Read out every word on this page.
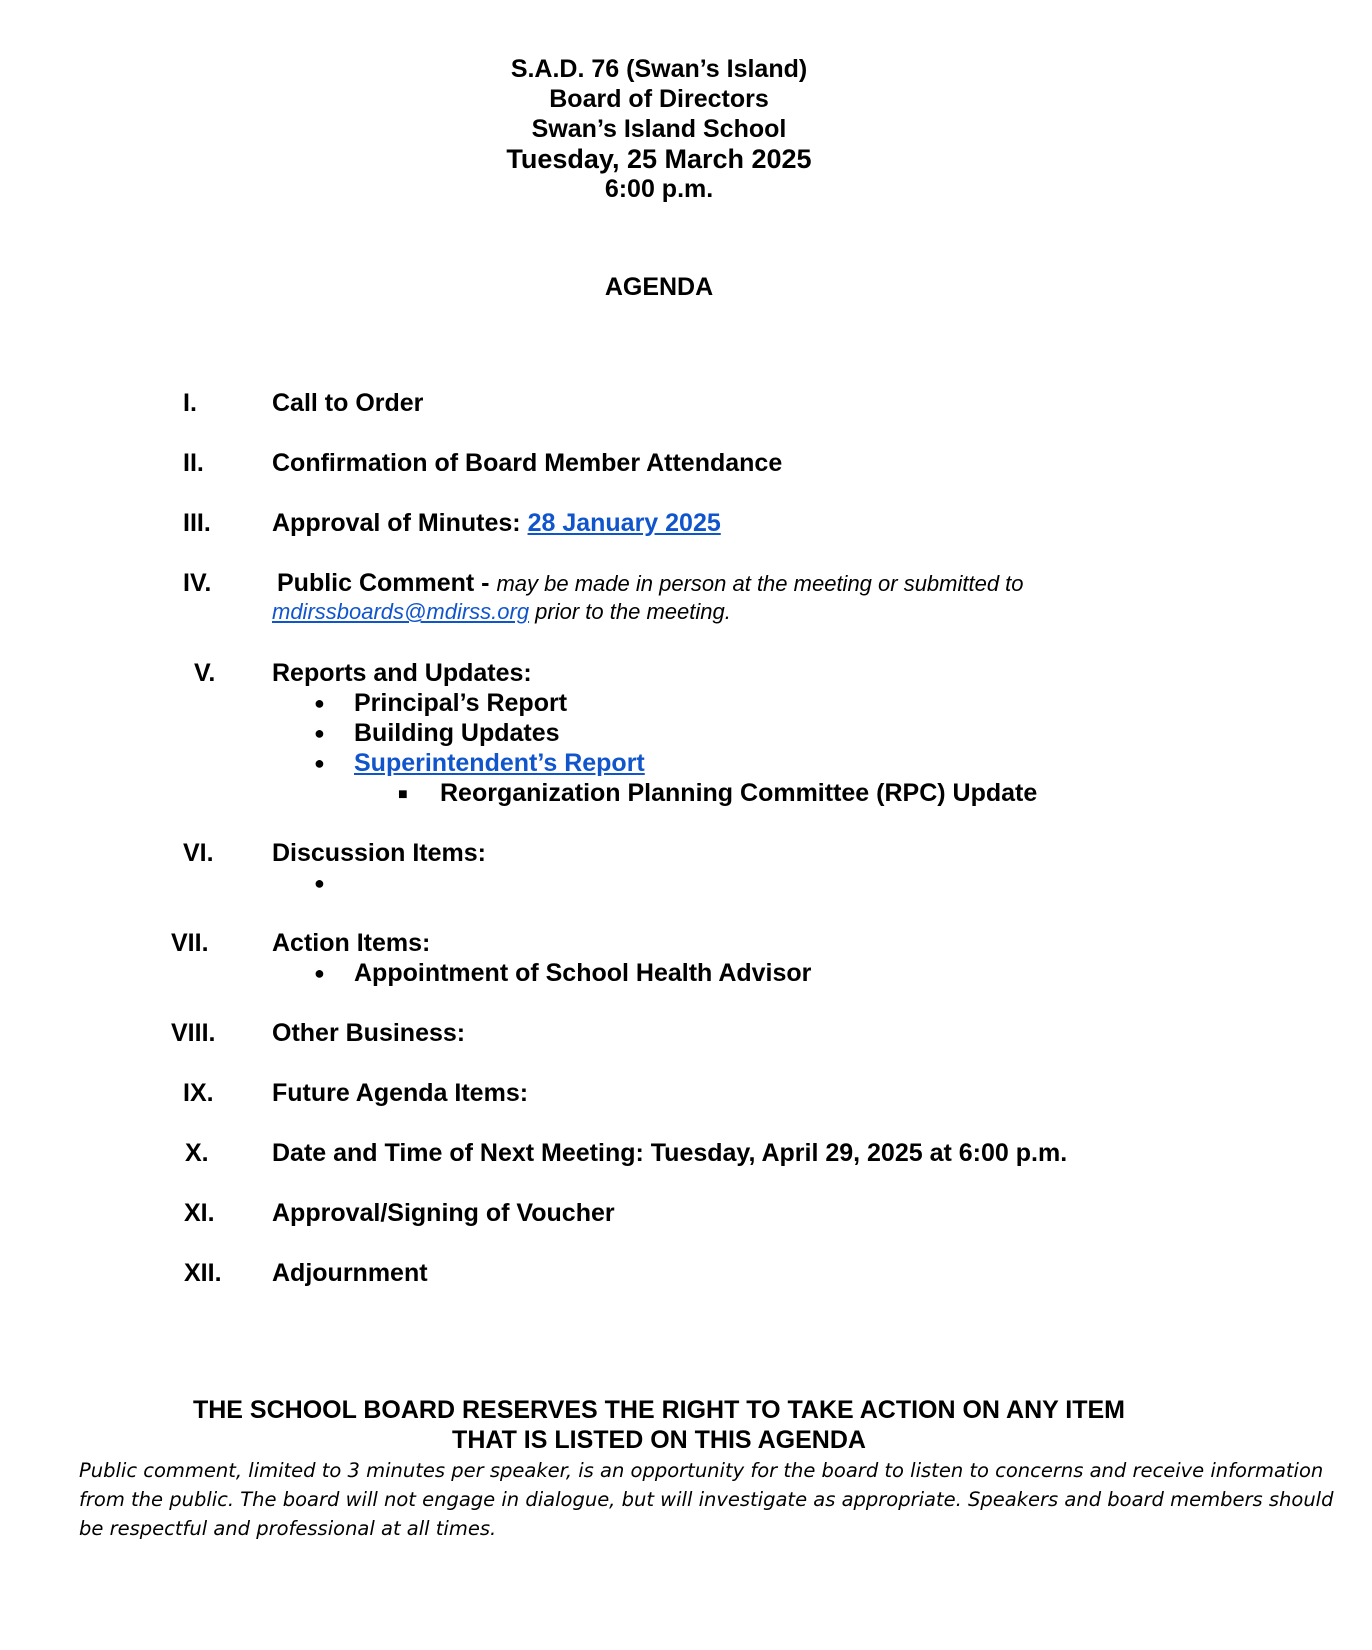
S.A.D. 76 (Swan’s Island)
Board of Directors
Swan’s Island School
Tuesday, 25 March 2025
6:00 p.m.
AGENDA
I.	Call to Order
II.	Confirmation of Board Member Attendance
III. Approval of Minutes: 28 January 2025
IV.	Public Comment - may be made in person at the meeting or submitted to
mdirssboards@mdirss.org prior to the meeting.
V. Reports and Updates:
● Principal’s Report
● Building Updates
● Superintendent’s Report
■ Reorganization Planning Committee (RPC) Update
VI. Discussion Items:
●
VII.	Action Items:
● Appointment of School Health Advisor
VIII. Other Business:
IX. Future Agenda Items:
X.	Date and Time of Next Meeting: Tuesday, April 29, 2025 at 6:00 p.m.
XI. Approval/Signing of Voucher
XII. Adjournment
THE SCHOOL BOARD RESERVES THE RIGHT TO TAKE ACTION ON ANY ITEM
THAT IS LISTED ON THIS AGENDA
Public comment, limited to 3 minutes per speaker, is an opportunity for the board to listen to concerns and receive information from the public. The board will not engage in dialogue, but will investigate as appropriate. Speakers and board members should be respectful and professional at all times.
